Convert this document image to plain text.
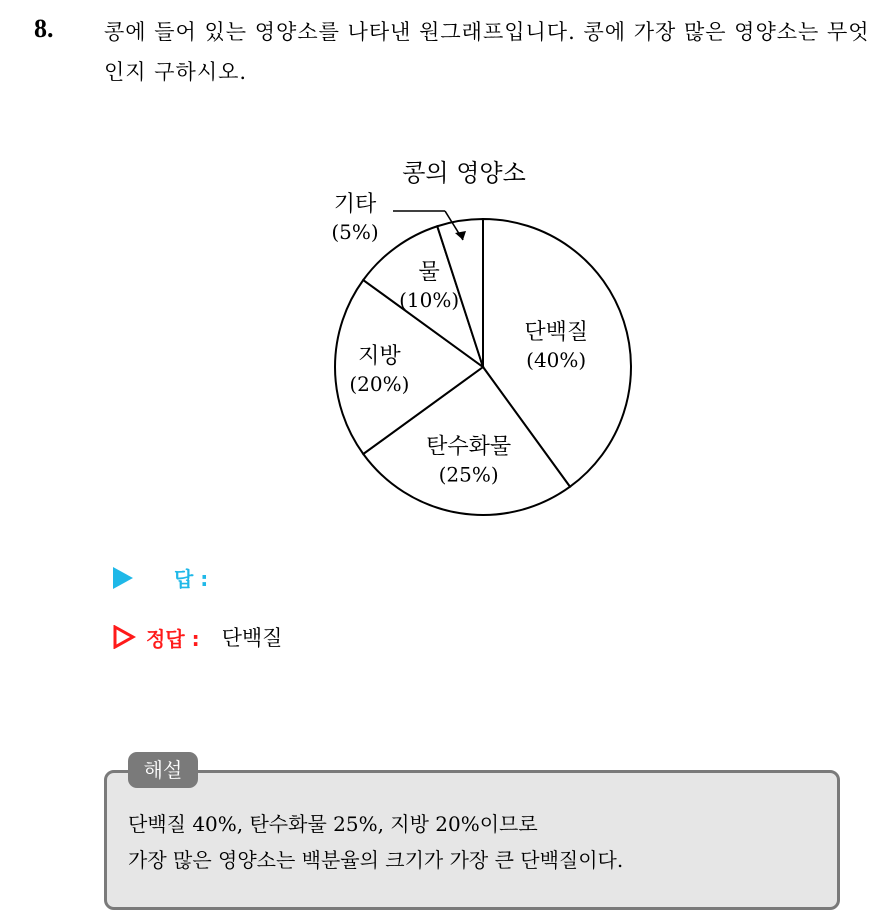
8. 콩에 들어 있는 영양소를 나타낸 원그래프입니다. 콩에 가장 많은 영양소는 무엇인지 구하시오.
콩의 영양소
단백질
(40%)
탄수화물
(25%)
지방
(20%)
물
(10%)
기타
(5%)
답 :
정답 : 단백질
해설
단백질 40%, 탄수화물 25%, 지방 20%이므로
가장 많은 영양소는 백분율의 크기가 가장 큰 단백질이다.
